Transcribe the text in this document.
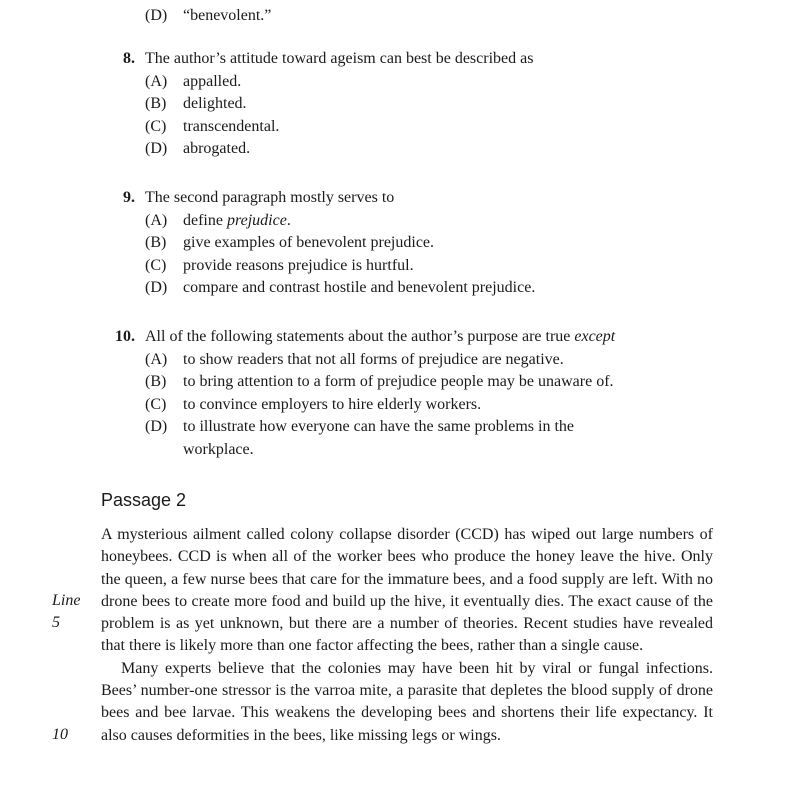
(D) “benevolent.”
8. The author’s attitude toward ageism can best be described as
(A) appalled.
(B) delighted.
(C) transcendental.
(D) abrogated.
9. The second paragraph mostly serves to
(A) define prejudice.
(B) give examples of benevolent prejudice.
(C) provide reasons prejudice is hurtful.
(D) compare and contrast hostile and benevolent prejudice.
10. All of the following statements about the author’s purpose are true except
(A) to show readers that not all forms of prejudice are negative.
(B) to bring attention to a form of prejudice people may be unaware of.
(C) to convince employers to hire elderly workers.
(D) to illustrate how everyone can have the same problems in the
workplace.
Passage 2
Line
5
10

A mysterious ailment called colony collapse disorder (CCD) has wiped out large numbers of honeybees. CCD is when all of the worker bees who produce the honey leave the hive. Only the queen, a few nurse bees that care for the immature bees, and a food supply are left. With no drone bees to create more food and build up the hive, it eventually dies. The exact cause of the problem is as yet unknown, but there are a number of theories. Recent studies have revealed that there is likely more than one factor affecting the bees, rather than a single cause.

Many experts believe that the colonies may have been hit by viral or fungal infections. Bees’ number-one stressor is the varroa mite, a parasite that depletes the blood supply of drone bees and bee larvae. This weakens the developing bees and shortens their life expectancy. It also causes deformities in the bees, like missing legs or wings.
